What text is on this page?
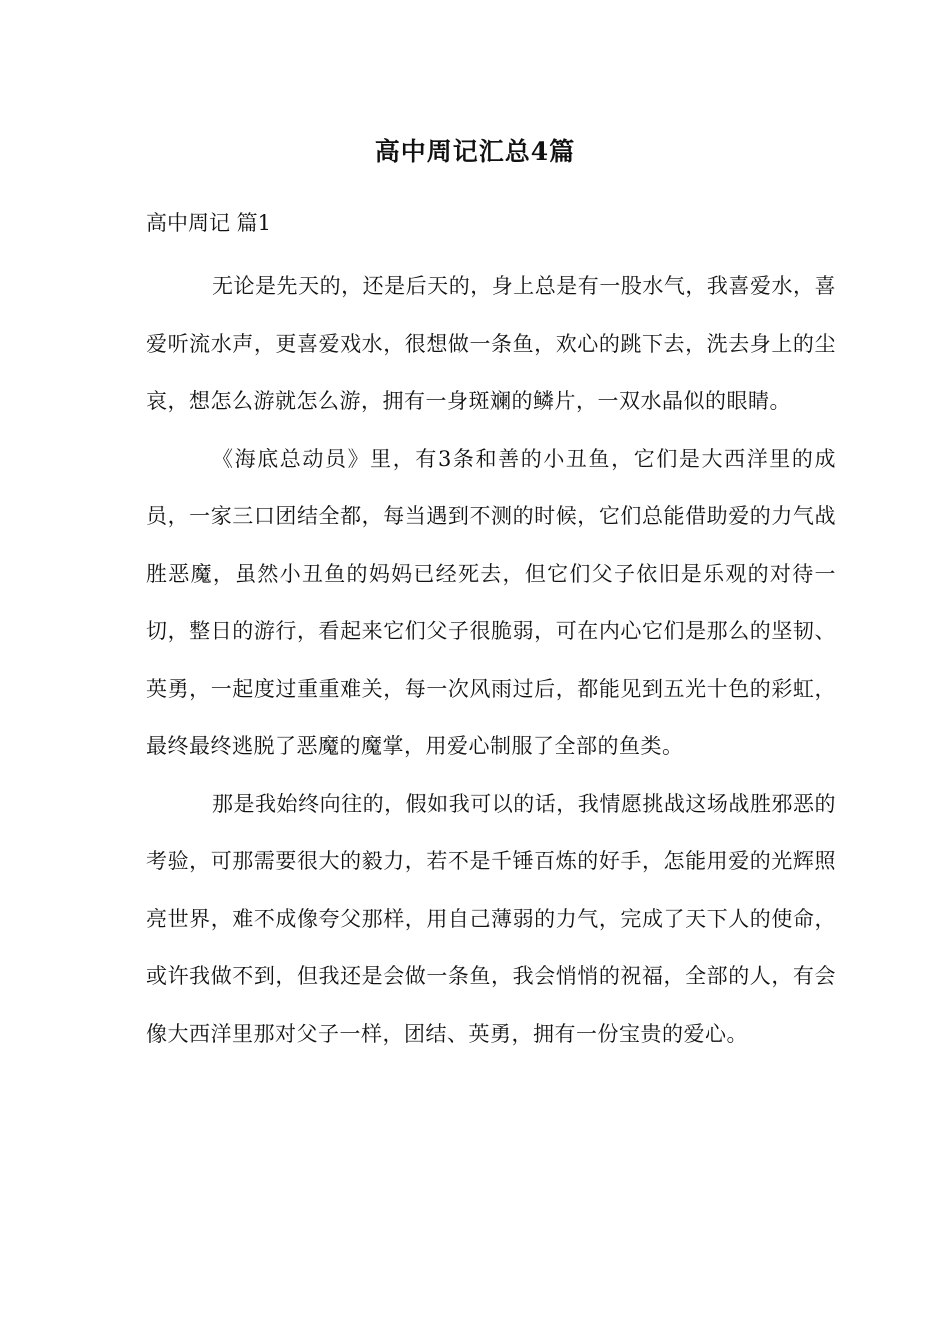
高中周记汇总4篇
高中周记 篇1

无论是先天的，还是后天的，身上总是有一股水气，我喜爱水，喜爱听流水声，更喜爱戏水，很想做一条鱼，欢心的跳下去，洗去身上的尘哀，想怎么游就怎么游，拥有一身斑斓的鳞片，一双水晶似的眼睛。

《海底总动员》里，有3条和善的小丑鱼，它们是大西洋里的成员，一家三口团结全都，每当遇到不测的时候，它们总能借助爱的力气战胜恶魔，虽然小丑鱼的妈妈已经死去，但它们父子依旧是乐观的对待一切，整日的游行，看起来它们父子很脆弱，可在内心它们是那么的坚韧、英勇，一起度过重重难关，每一次风雨过后，都能见到五光十色的彩虹，最终最终逃脱了恶魔的魔掌，用爱心制服了全部的鱼类。

那是我始终向往的，假如我可以的话，我情愿挑战这场战胜邪恶的考验，可那需要很大的毅力，若不是千锤百炼的好手，怎能用爱的光辉照亮世界，难不成像夸父那样，用自己薄弱的力气，完成了天下人的使命，或许我做不到，但我还是会做一条鱼，我会悄悄的祝福，全部的人，有会像大西洋里那对父子一样，团结、英勇，拥有一份宝贵的爱心。
